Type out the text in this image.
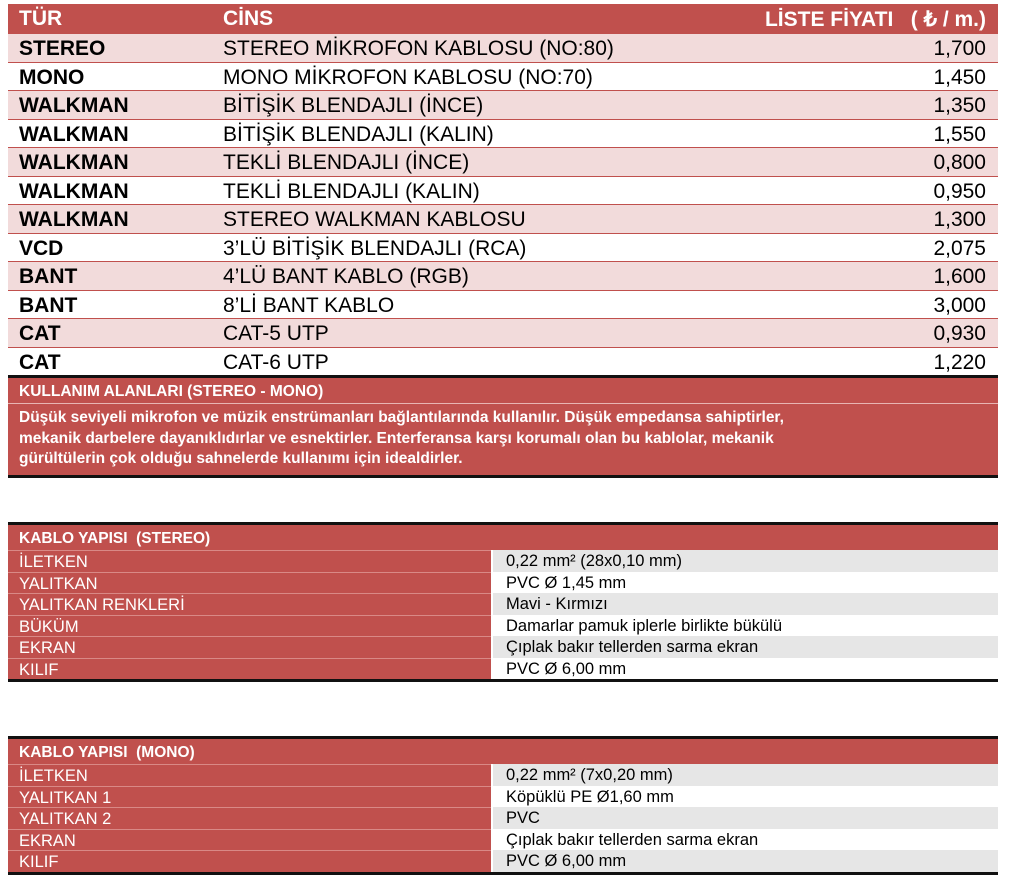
TÜR	CİNS	LİSTE FİYATI   ( ₺ / m.)
STEREO	STEREO MİKROFON KABLOSU (NO:80)	1,700
MONO	MONO MİKROFON KABLOSU (NO:70)	1,450
WALKMAN	BİTİŞİK BLENDAJLI (İNCE)	1,350
WALKMAN	BİTİŞİK BLENDAJLI (KALIN)	1,550
WALKMAN	TEKLİ BLENDAJLI (İNCE)	0,800
WALKMAN	TEKLİ BLENDAJLI (KALIN)	0,950
WALKMAN	STEREO WALKMAN KABLOSU	1,300
VCD	3’LÜ BİTİŞİK BLENDAJLI (RCA)	2,075
BANT	4’LÜ BANT KABLO (RGB)	1,600
BANT	8’Lİ BANT KABLO	3,000
CAT	CAT-5 UTP	0,930
CAT	CAT-6 UTP	1,220
KULLANIM ALANLARI (STEREO - MONO)
Düşük seviyeli mikrofon ve müzik enstrümanları bağlantılarında kullanılır. Düşük empedansa sahiptirler,
mekanik darbelere dayanıklıdırlar ve esnektirler. Enterferansa karşı korumalı olan bu kablolar, mekanik
gürültülerin çok olduğu sahnelerde kullanımı için idealdirler.
KABLO YAPISI  (STEREO)
İLETKEN	0,22 mm² (28x0,10 mm)
YALITKAN	PVC Ø 1,45 mm
YALITKAN RENKLERİ	Mavi - Kırmızı
BÜKÜM	Damarlar pamuk iplerle birlikte bükülü
EKRAN	Çıplak bakır tellerden sarma ekran
KILIF	PVC Ø 6,00 mm
KABLO YAPISI  (MONO)
İLETKEN	0,22 mm² (7x0,20 mm)
YALITKAN 1	Köpüklü PE Ø1,60 mm
YALITKAN 2	PVC
EKRAN	Çıplak bakır tellerden sarma ekran
KILIF	PVC Ø 6,00 mm
